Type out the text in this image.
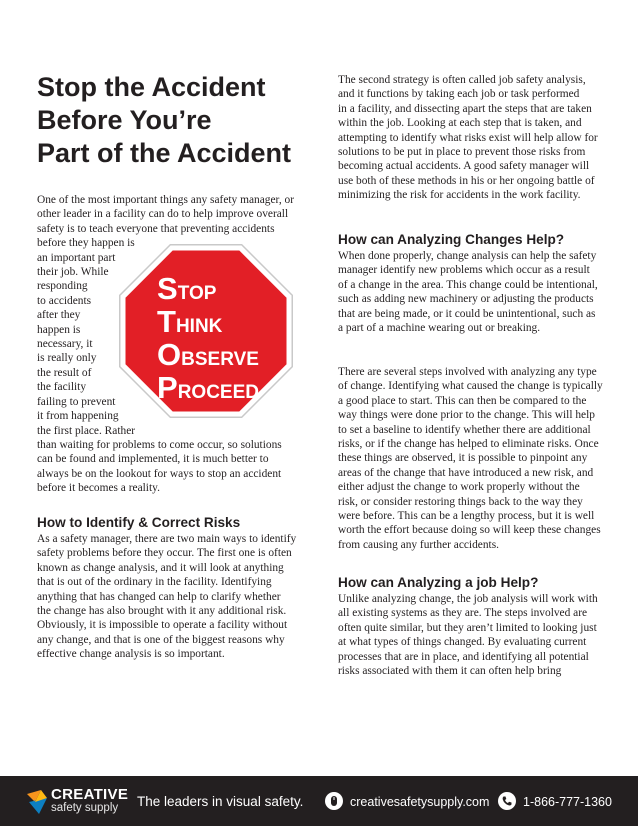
Stop the Accident
Before You’re
Part of the Accident
One of the most important things any safety manager, or
other leader in a facility can do to help improve overall
safety is to teach everyone that preventing accidents
before they happen is
an important part
their job. While
responding
to accidents
after they
happen is
necessary, it
is really only
the result of
the facility
failing to prevent
it from happening
the first place. Rather
than waiting for problems to come occur, so solutions
can be found and implemented, it is much better to
always be on the lookout for ways to stop an accident
before it becomes a reality.
STOP
THINK
OBSERVE
PROCEED
How to Identify & Correct Risks
As a safety manager, there are two main ways to identify
safety problems before they occur. The first one is often
known as change analysis, and it will look at anything
that is out of the ordinary in the facility. Identifying
anything that has changed can help to clarify whether
the change has also brought with it any additional risk.
Obviously, it is impossible to operate a facility without
any change, and that is one of the biggest reasons why
effective change analysis is so important.
The second strategy is often called job safety analysis,
and it functions by taking each job or task performed
in a facility, and dissecting apart the steps that are taken
within the job. Looking at each step that is taken, and
attempting to identify what risks exist will help allow for
solutions to be put in place to prevent those risks from
becoming actual accidents. A good safety manager will
use both of these methods in his or her ongoing battle of
minimizing the risk for accidents in the work facility.
How can Analyzing Changes Help?
When done properly, change analysis can help the safety
manager identify new problems which occur as a result
of a change in the area. This change could be intentional,
such as adding new machinery or adjusting the products
that are being made, or it could be unintentional, such as
a part of a machine wearing out or breaking.
There are several steps involved with analyzing any type
of change. Identifying what caused the change is typically
a good place to start. This can then be compared to the
way things were done prior to the change. This will help
to set a baseline to identify whether there are additional
risks, or if the change has helped to eliminate risks. Once
these things are observed, it is possible to pinpoint any
areas of the change that have introduced a new risk, and
either adjust the change to work properly without the
risk, or consider restoring things back to the way they
were before. This can be a lengthy process, but it is well
worth the effort because doing so will keep these changes
from causing any further accidents.
How can Analyzing a job Help?
Unlike analyzing change, the job analysis will work with
all existing systems as they are. The steps involved are
often quite similar, but they aren’t limited to looking just
at what types of things changed. By evaluating current
processes that are in place, and identifying all potential
risks associated with them it can often help bring
CREATIVE
safety supply The leaders in visual safety.	creativesafetysupply.com	1-866-777-1360
